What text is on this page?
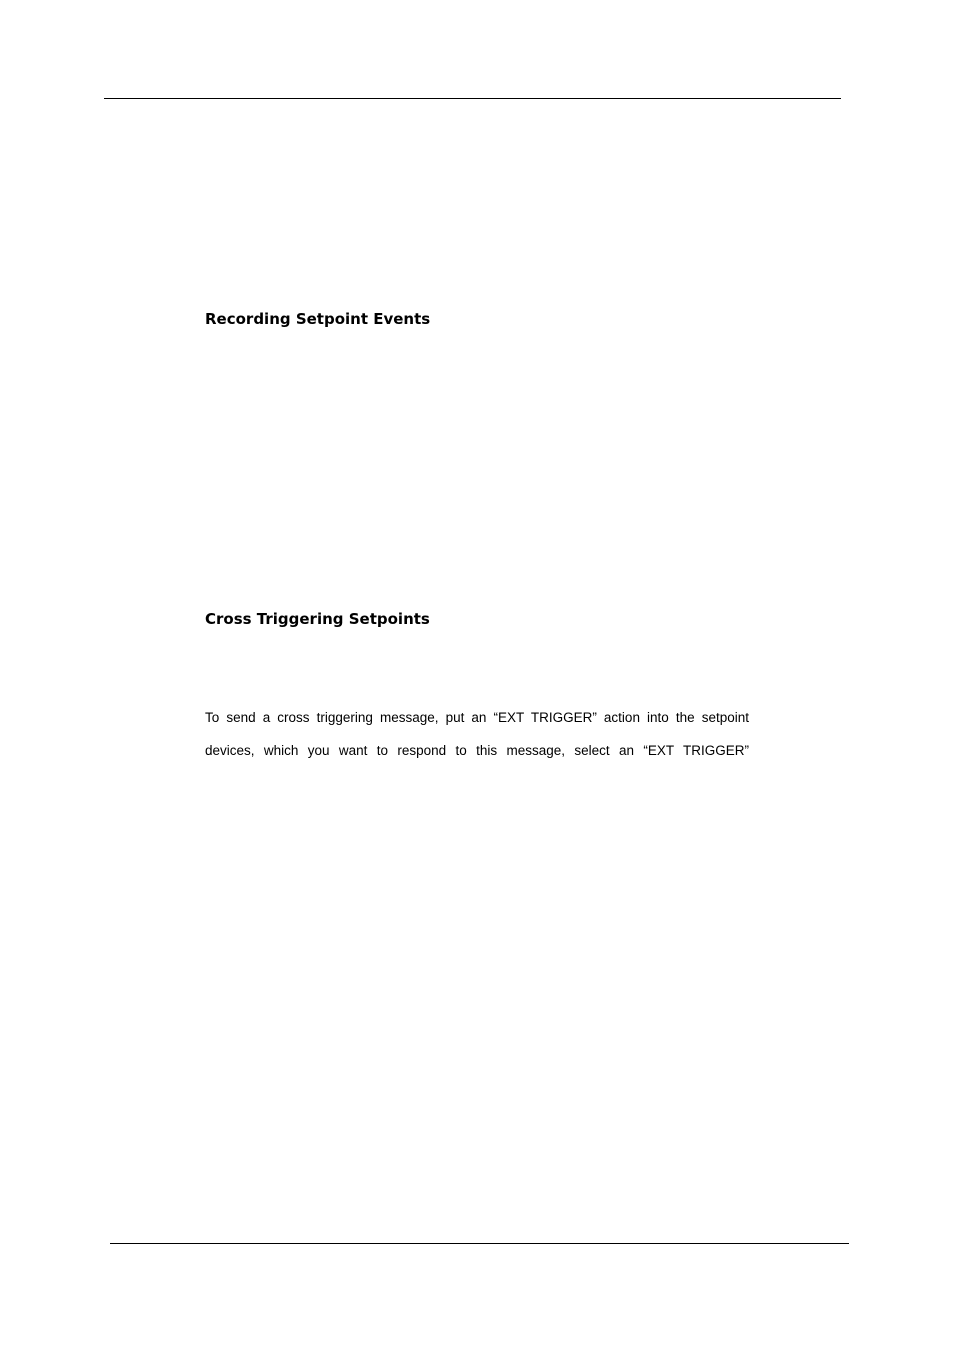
Recording Setpoint Events
Cross Triggering Setpoints

To send a cross triggering message, put an “EXT TRIGGER” action into the setpoint

devices, which you want to respond to this message, select an “EXT TRIGGER”
